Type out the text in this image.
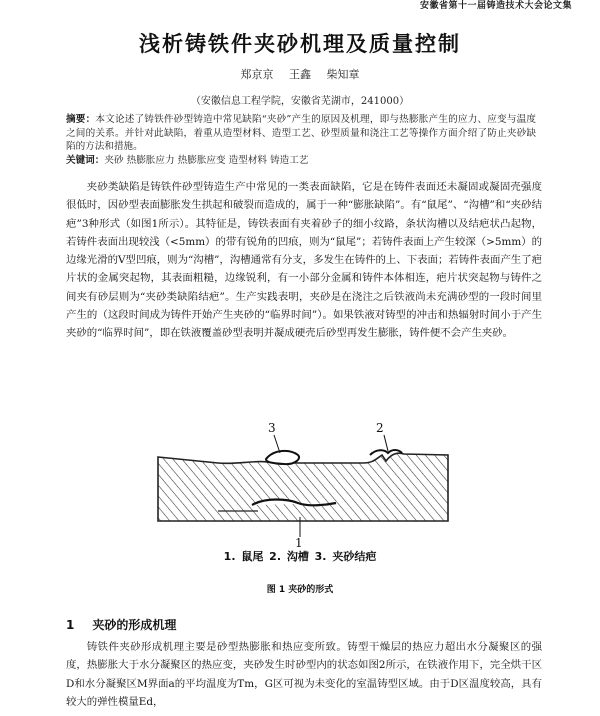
安徽省第十一届铸造技术大会论文集
浅析铸铁件夹砂机理及质量控制
郑京京 王鑫 柴知章
（安徽信息工程学院，安徽省芜湖市，241000）
摘要：本文论述了铸铁件砂型铸造中常见缺陷“夹砂”产生的原因及机理，即与热膨胀产生的应力、应变与温度之间的关系。并针对此缺陷，着重从造型材料、造型工艺、砂型质量和浇注工艺等操作方面介绍了防止夹砂缺陷的方法和措施。
关键词：夹砂 热膨胀应力 热膨胀应变 造型材料 铸造工艺
夹砂类缺陷是铸铁件砂型铸造生产中常见的一类表面缺陷，它是在铸件表面还未凝固或凝固壳强度很低时，因砂型表面膨胀发生拱起和破裂而造成的，属于一种“膨胀缺陷”。有“鼠尾”、“沟槽”和“夹砂结疤”3种形式（如图1所示）。其特征是，铸铁表面有夹着砂子的细小纹路，条状沟槽以及结疤状凸起物，若铸件表面出现较浅（<5mm）的带有锐角的凹痕，则为“鼠尾”；若铸件表面上产生较深（>5mm）的边缘光滑的V型凹痕，则为“沟槽”，沟槽通常有分支，多发生在铸件的上、下表面；若铸件表面产生了疤片状的金属突起物，其表面粗糙，边缘锐利，有一小部分金属和铸件本体相连，疤片状突起物与铸件之间夹有砂层则为“夹砂类缺陷结疤”。生产实践表明，夹砂是在浇注之后铁液尚未充满砂型的一段时间里产生的（这段时间成为铸件开始产生夹砂的“临界时间”）。如果铁液对铸型的冲击和热辐射时间小于产生夹砂的“临界时间”，即在铁液覆盖砂型表明并凝成硬壳后砂型再发生膨胀，铸件便不会产生夹砂。
3	2
1
1. 鼠尾 2. 沟槽 3. 夹砂结疤
图 1 夹砂的形式
1 夹砂的形成机理
铸铁件夹砂形成机理主要是砂型热膨胀和热应变所致。铸型干燥层的热应力超出水分凝聚区的强度，热膨胀大于水分凝聚区的热应变，夹砂发生时砂型内的状态如图2所示，在铁液作用下，完全烘干区D和水分凝聚区M界面a的平均温度为Tm，G区可视为未变化的室温铸型区域。由于D区温度较高，具有较大的弹性模量Ed，
